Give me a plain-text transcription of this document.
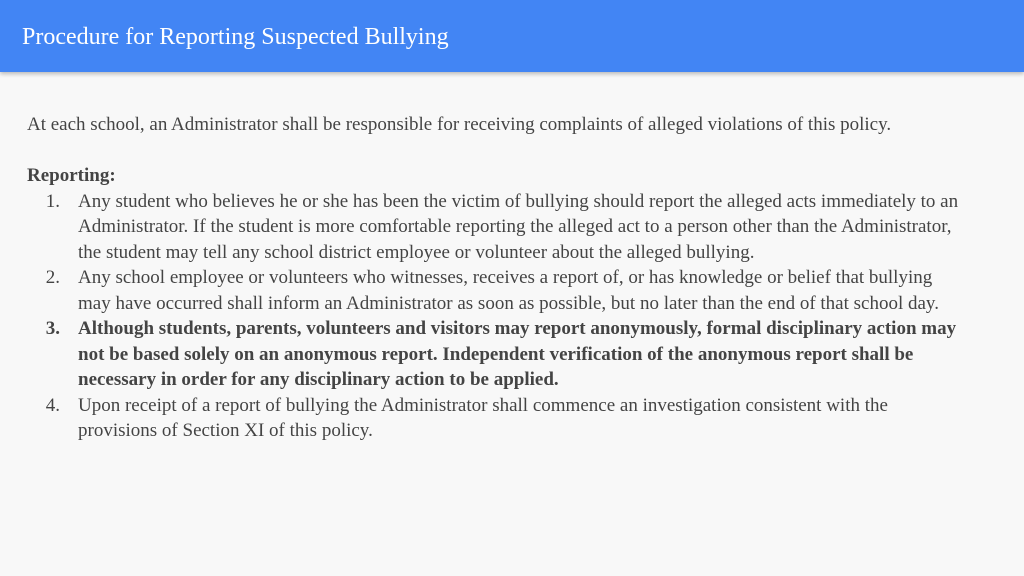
Procedure for Reporting Suspected Bullying

At each school, an Administrator shall be responsible for receiving complaints of alleged violations of this policy.

Reporting:

1. Any student who believes he or she has been the victim of bullying should report the alleged acts immediately to an Administrator. If the student is more comfortable reporting the alleged act to a person other than the Administrator, the student may tell any school district employee or volunteer about the alleged bullying.
2. Any school employee or volunteers who witnesses, receives a report of, or has knowledge or belief that bullying may have occurred shall inform an Administrator as soon as possible, but no later than the end of that school day.
3. Although students, parents, volunteers and visitors may report anonymously, formal disciplinary action may not be based solely on an anonymous report. Independent verification of the anonymous report shall be necessary in order for any disciplinary action to be applied.
4. Upon receipt of a report of bullying the Administrator shall commence an investigation consistent with the provisions of Section XI of this policy.
